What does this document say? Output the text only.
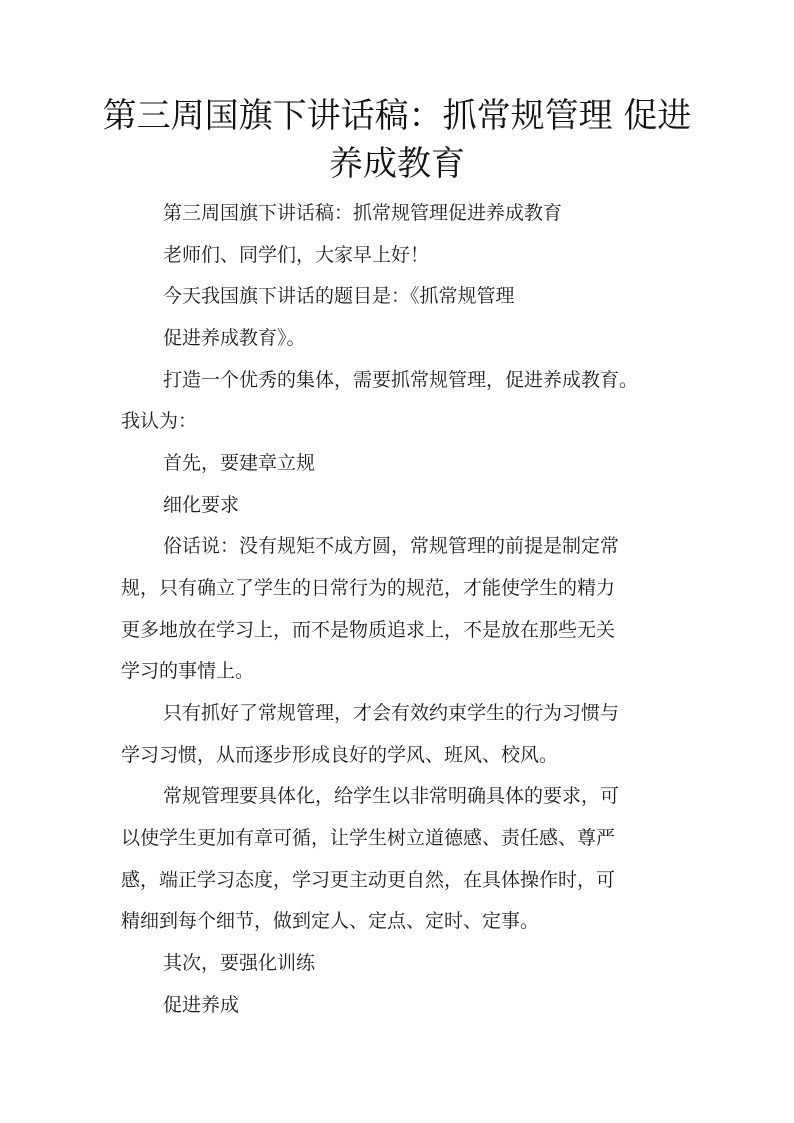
第三周国旗下讲话稿：抓常规管理 促进
养成教育

第三周国旗下讲话稿：抓常规管理促进养成教育

老师们、同学们，大家早上好！

今天我国旗下讲话的题目是：《抓常规管理

促进养成教育》。

打造一个优秀的集体，需要抓常规管理，促进养成教育。

我认为：

首先，要建章立规

细化要求

俗话说：没有规矩不成方圆，常规管理的前提是制定常

规，只有确立了学生的日常行为的规范，才能使学生的精力

更多地放在学习上，而不是物质追求上，不是放在那些无关

学习的事情上。

只有抓好了常规管理，才会有效约束学生的行为习惯与

学习习惯，从而逐步形成良好的学风、班风、校风。

常规管理要具体化，给学生以非常明确具体的要求，可

以使学生更加有章可循，让学生树立道德感、责任感、尊严

感，端正学习态度，学习更主动更自然，在具体操作时，可

精细到每个细节，做到定人、定点、定时、定事。

其次，要强化训练

促进养成
